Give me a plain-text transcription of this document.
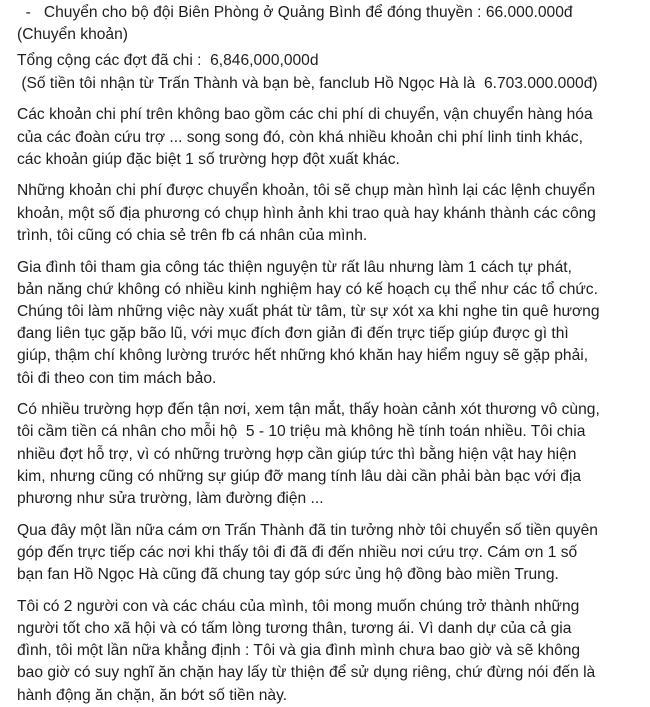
-   Chuyển cho bộ đội Biên Phòng ở Quảng Bình để đóng thuyền : 66.000.000đ
(Chuyển khoản)

Tổng cộng các đợt đã chi :  6,846,000,000d
(Số tiền tôi nhận từ Trấn Thành và bạn bè, fanclub Hồ Ngọc Hà là  6.703.000.000đ)

Các khoản chi phí trên không bao gồm các chi phí di chuyển, vận chuyển hàng hóa
của các đoàn cứu trợ ... song song đó, còn khá nhiều khoản chi phí linh tinh khác,
các khoản giúp đặc biệt 1 số trường hợp đột xuất khác.

Những khoản chi phí được chuyển khoản, tôi sẽ chụp màn hình lại các lệnh chuyển
khoản, một số địa phương có chụp hình ảnh khi trao quà hay khánh thành các công
trình, tôi cũng có chia sẻ trên fb cá nhân của mình.

Gia đình tôi tham gia công tác thiện nguyện từ rất lâu nhưng làm 1 cách tự phát,
bản năng chứ không có nhiều kinh nghiệm hay có kế hoạch cụ thể như các tổ chức.
Chúng tôi làm những việc này xuất phát từ tâm, từ sự xót xa khi nghe tin quê hương
đang liên tục gặp bão lũ, với mục đích đơn giản đi đến trực tiếp giúp được gì thì
giúp, thậm chí không lường trước hết những khó khăn hay hiểm nguy sẽ gặp phải,
tôi đi theo con tim mách bảo.

Có nhiều trường hợp đến tận nơi, xem tận mắt, thấy hoàn cảnh xót thương vô cùng,
tôi cầm tiền cá nhân cho mỗi hộ  5 - 10 triệu mà không hề tính toán nhiều. Tôi chia
nhiều đợt hỗ trợ, vì có những trường hợp cần giúp tức thì bằng hiện vật hay hiện
kim, nhưng cũng có những sự giúp đỡ mang tính lâu dài cần phải bàn bạc với địa
phương như sửa trường, làm đường điện ...

Qua đây một lần nữa cám ơn Trấn Thành đã tin tưởng nhờ tôi chuyển số tiền quyên
góp đến trực tiếp các nơi khi thấy tôi đi đã đi đến nhiều nơi cứu trợ. Cám ơn 1 số
bạn fan Hồ Ngọc Hà cũng đã chung tay góp sức ủng hộ đồng bào miền Trung.

Tôi có 2 người con và các cháu của mình, tôi mong muốn chúng trở thành những
người tốt cho xã hội và có tấm lòng tương thân, tương ái. Vì danh dự của cả gia
đình, tôi một lần nữa khẳng định : Tôi và gia đình mình chưa bao giờ và sẽ không
bao giờ có suy nghĩ ăn chặn hay lấy từ thiện để sử dụng riêng, chứ đừng nói đến là
hành động ăn chặn, ăn bớt số tiền này.
